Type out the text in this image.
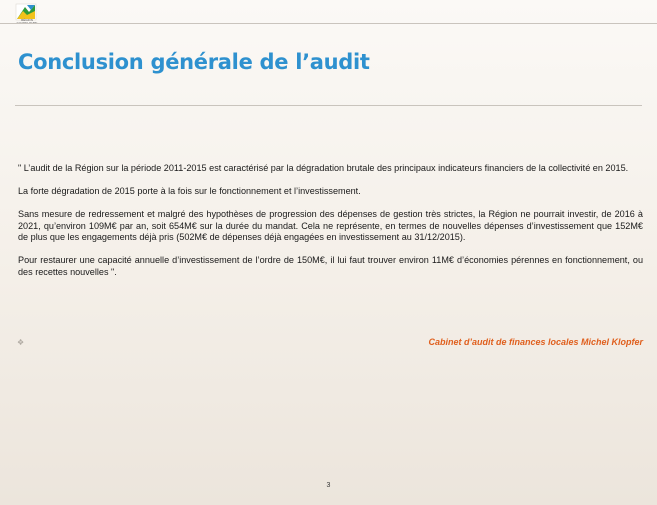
RÉGION
Conclusion générale de l’audit

" L’audit de la Région sur la période 2011-2015 est caractérisé par la dégradation brutale des principaux indicateurs financiers de la collectivité en 2015.

La forte dégradation de 2015 porte à la fois sur le fonctionnement et l’investissement.

Sans mesure de redressement et malgré des hypothèses de progression des dépenses de gestion très strictes, la Région ne pourrait investir, de 2016 à 2021, qu’environ 109M€ par an, soit 654M€ sur la durée du mandat. Cela ne représente, en termes de nouvelles dépenses d’investissement que 152M€ de plus que les engagements déjà pris (502M€ de dépenses déjà engagées en investissement au 31/12/2015).

Pour restaurer une capacité annuelle d’investissement de l’ordre de 150M€, il lui faut trouver environ 11M€ d’économies pérennes en fonctionnement, ou des recettes nouvelles ".

❖	Cabinet d’audit de finances locales Michel Klopfer
3
